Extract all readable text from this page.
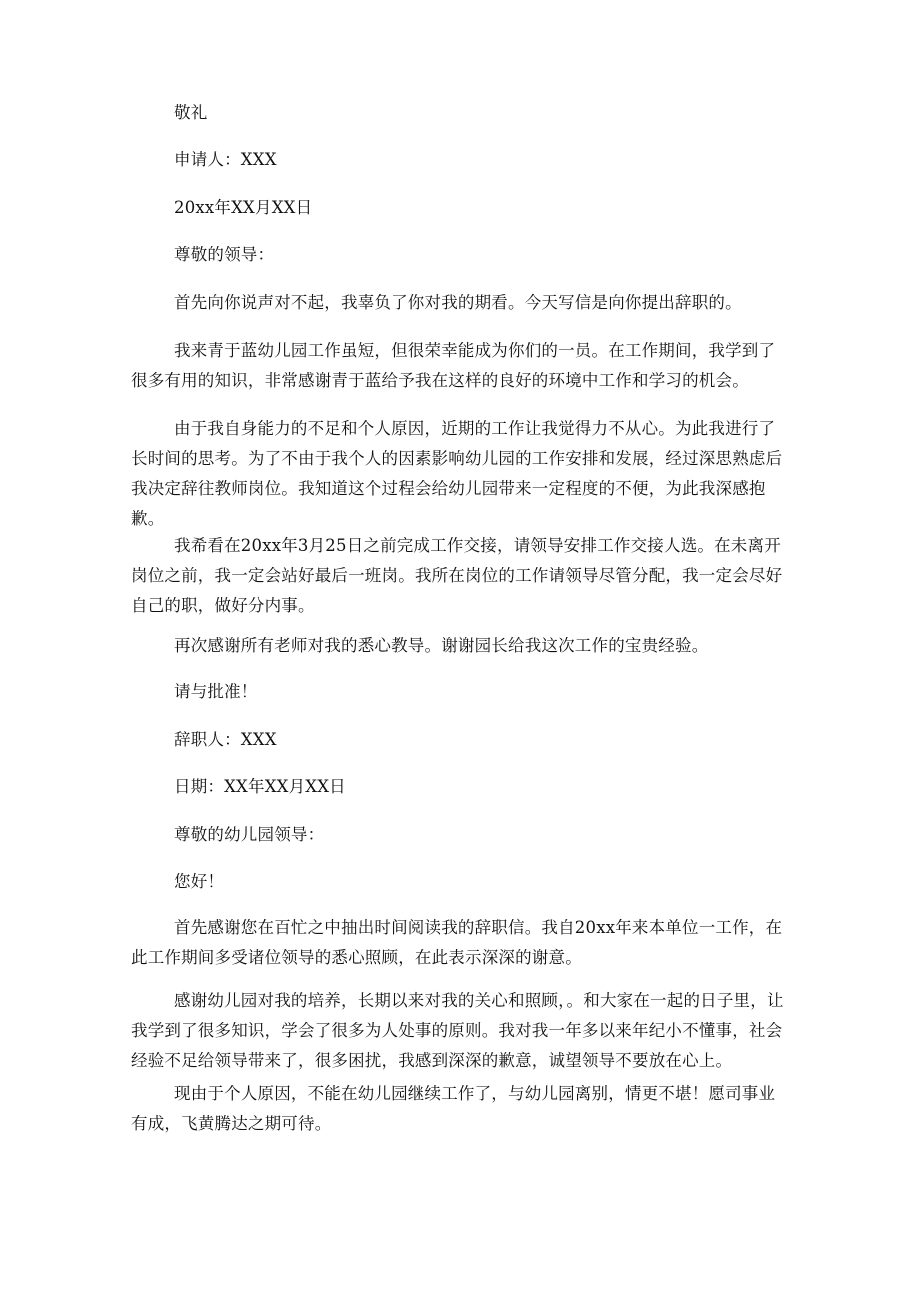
敬礼

申请人：XXX

20xx年XX月XX日

尊敬的领导：

首先向你说声对不起，我辜负了你对我的期看。今天写信是向你提出辞职的。

我来青于蓝幼儿园工作虽短，但很荣幸能成为你们的一员。在工作期间，我学到了很多有用的知识，非常感谢青于蓝给予我在这样的良好的环境中工作和学习的机会。

由于我自身能力的不足和个人原因，近期的工作让我觉得力不从心。为此我进行了长时间的思考。为了不由于我个人的因素影响幼儿园的工作安排和发展，经过深思熟虑后我决定辞往教师岗位。我知道这个过程会给幼儿园带来一定程度的不便，为此我深感抱歉。

我希看在20xx年3月25日之前完成工作交接，请领导安排工作交接人选。在未离开岗位之前，我一定会站好最后一班岗。我所在岗位的工作请领导尽管分配，我一定会尽好自己的职，做好分内事。

再次感谢所有老师对我的悉心教导。谢谢园长给我这次工作的宝贵经验。

请与批准！

辞职人：XXX

日期：XX年XX月XX日

尊敬的幼儿园领导：

您好！

首先感谢您在百忙之中抽出时间阅读我的辞职信。我自20xx年来本单位一工作，在此工作期间多受诸位领导的悉心照顾，在此表示深深的谢意。

感谢幼儿园对我的培养，长期以来对我的关心和照顾，。和大家在一起的日子里，让我学到了很多知识，学会了很多为人处事的原则。我对我一年多以来年纪小不懂事，社会经验不足给领导带来了，很多困扰，我感到深深的歉意，诚望领导不要放在心上。

现由于个人原因，不能在幼儿园继续工作了，与幼儿园离别，情更不堪！愿司事业有成，飞黄腾达之期可待。
